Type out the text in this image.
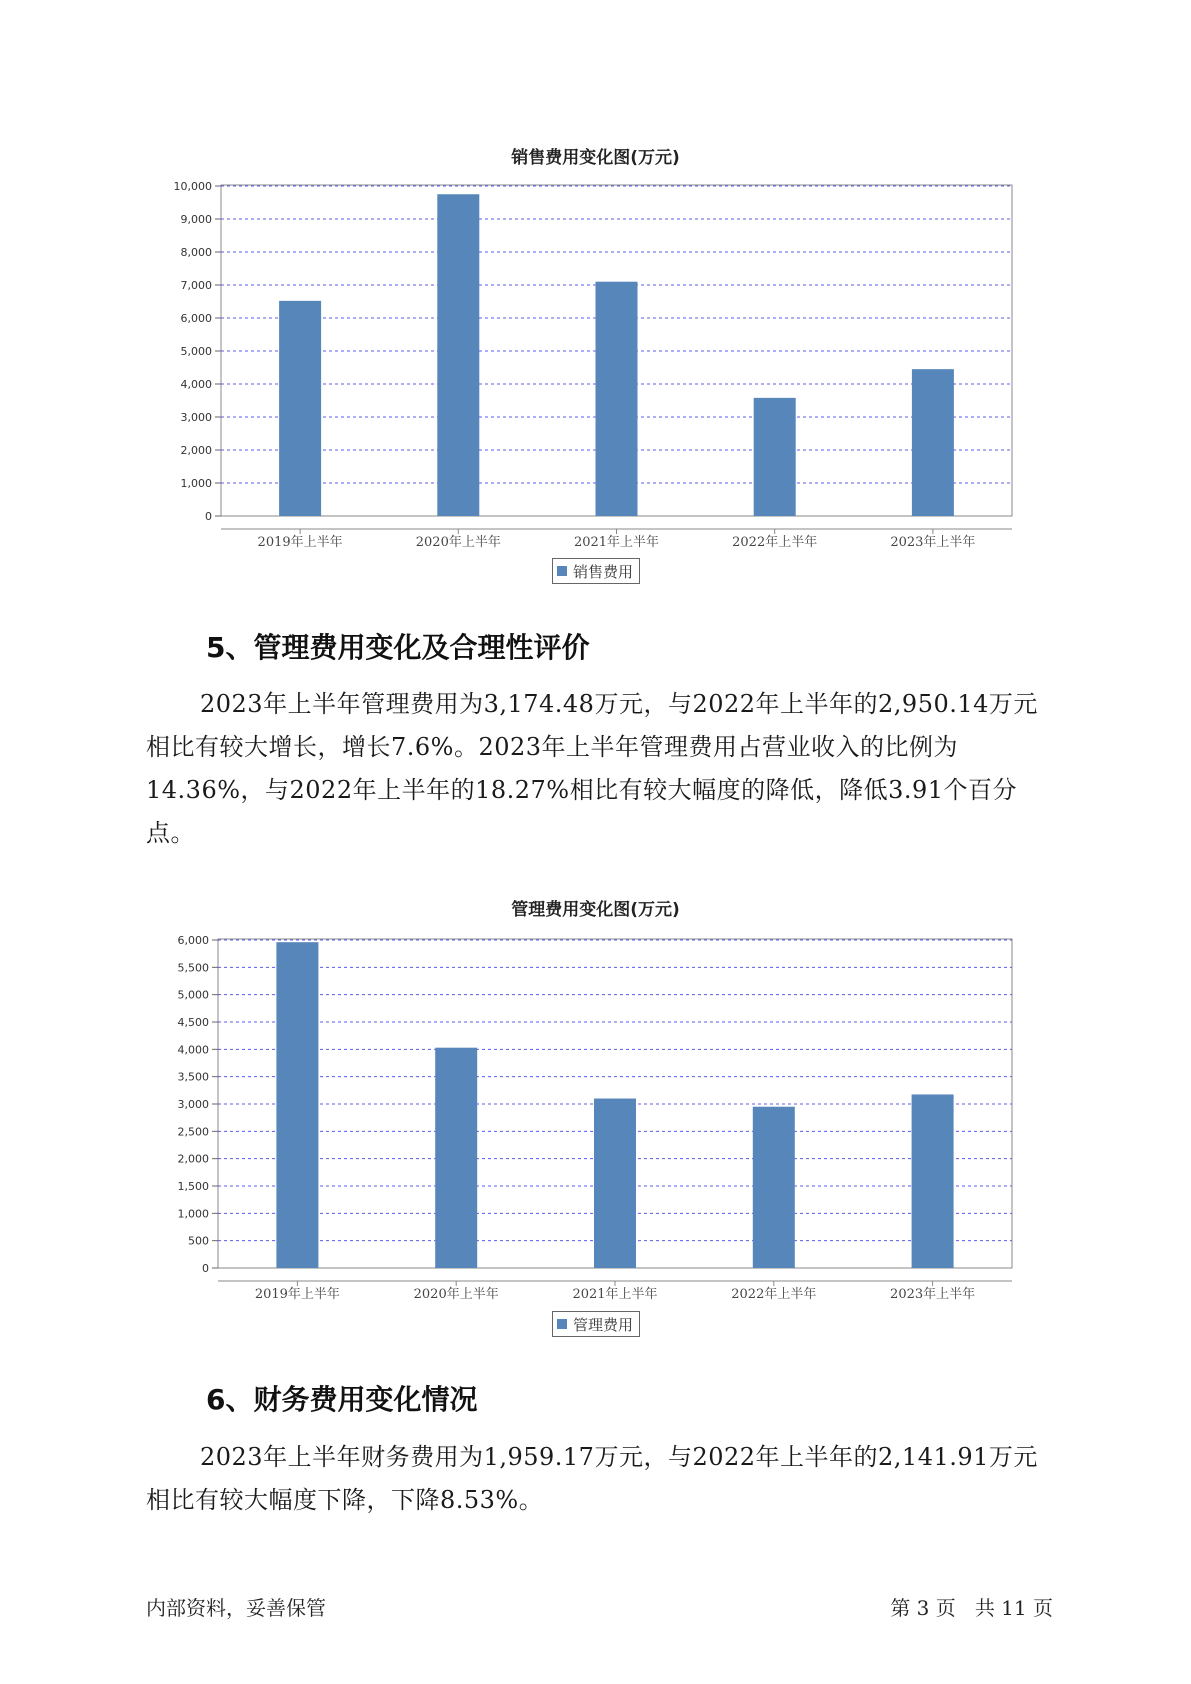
销售费用变化图(万元)
0
1,000
2,000
3,000
4,000
5,000
6,000
7,000
8,000
9,000
10,000
2019年上半年	2020年上半年	2021年上半年	2022年上半年	2023年上半年
销售费用
5、管理费用变化及合理性评价
2023年上半年管理费用为3,174.48万元，与2022年上半年的2,950.14万元相比有较大增长，增长7.6%。2023年上半年管理费用占营业收入的比例为14.36%，与2022年上半年的18.27%相比有较大幅度的降低，降低3.91个百分点。
管理费用变化图(万元)
0
500
1,000
1,500
2,000
2,500
3,000
3,500
4,000
4,500
5,000
5,500
6,000
2019年上半年	2020年上半年	2021年上半年	2022年上半年	2023年上半年
管理费用
6、财务费用变化情况
2023年上半年财务费用为1,959.17万元，与2022年上半年的2,141.91万元相比有较大幅度下降，下降8.53%。
内部资料，妥善保管	第 3 页   共 11 页
